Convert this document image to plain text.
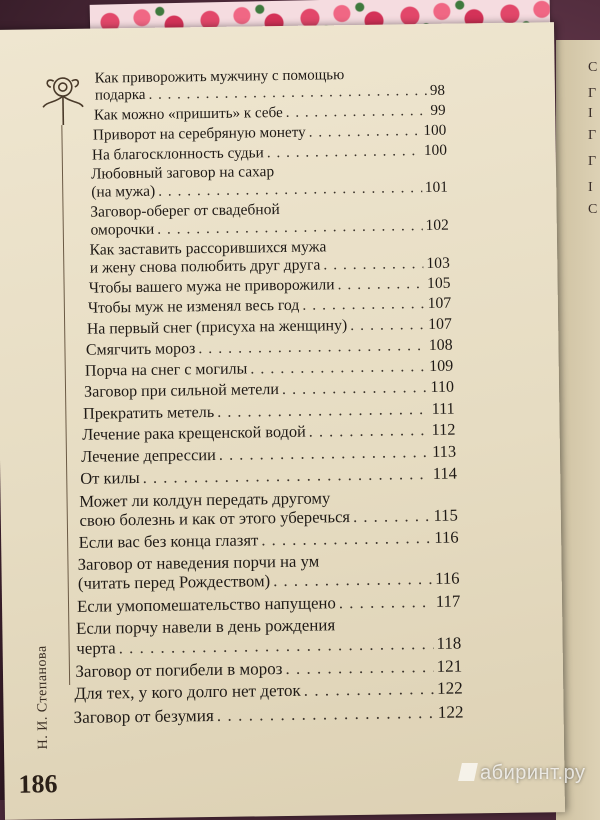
С
Г
I
Г
Г
I
С
Н. И. Степанова
186
Как приворожить мужчину с помощью
подарка . . .	98
Как можно «пришить» к себе . . .	99
Приворот на серебряную монету . . .	100
На благосклонность судьи . . .	100
Любовный заговор на сахар
(на мужа) . . .	101
Заговор-оберег от свадебной
оморочки . . .	102
Как заставить рассорившихся мужа
и жену снова полюбить друг друга . . .	103
Чтобы вашего мужа не приворожили . . .	105
Чтобы муж не изменял весь год . . .	107
На первый снег (присуха на женщину) . . .	107
Смягчить мороз . . .	108
Порча на снег с могилы . . .	109
Заговор при сильной метели . . .	110
Прекратить метель . . .	111
Лечение рака крещенской водой . . .	112
Лечение депрессии . . .	113
От килы . . .	114
Может ли колдун передать другому
свою болезнь и как от этого уберечься . . .	115
Если вас без конца глазят . . .	116
Заговор от наведения порчи на ум
(читать перед Рождеством) . . .	116
Если умопомешательство напущено . . .	117
Если порчу навели в день рождения
черта . . .	118
Заговор от погибели в мороз . . .	121
Для тех, у кого долго нет деток . . .	122
Заговор от безумия . . .	122
абиринт.ру
